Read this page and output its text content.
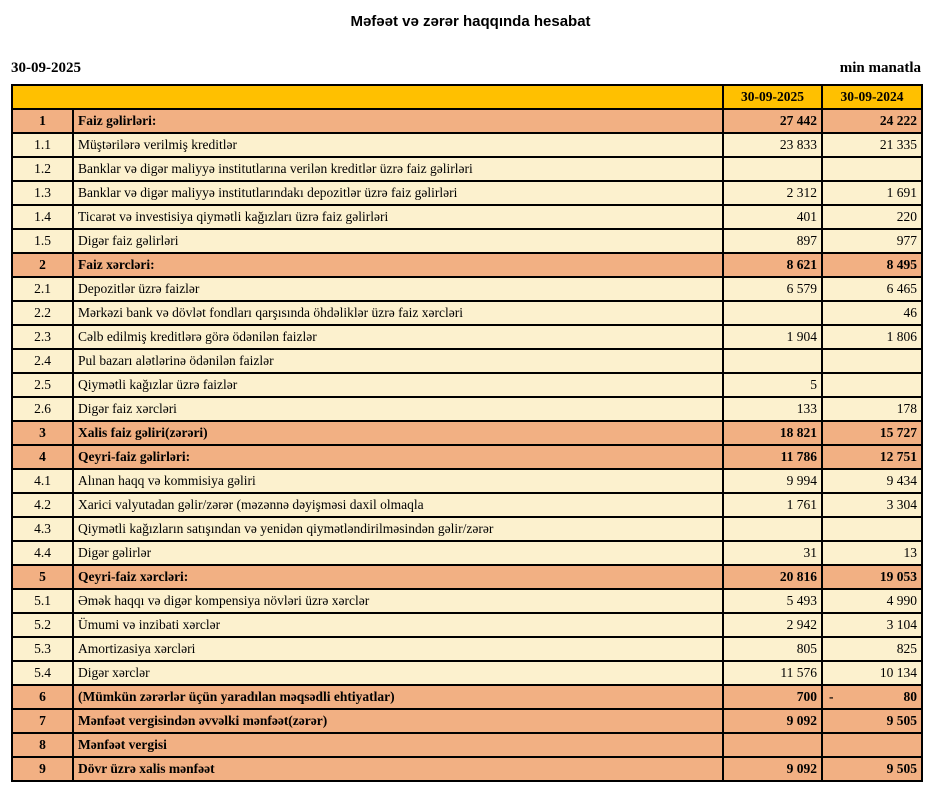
Məfəət və zərər haqqında hesabat
30-09-2025	min manatla
		30-09-2025	30-09-2024
1	Faiz gəlirləri:	27 442	24 222
1.1	Müştərilərə verilmiş kreditlər	23 833	21 335
1.2	Banklar və digər maliyyə institutlarına verilən kreditlər üzrə faiz gəlirləri		
1.3	Banklar və digər maliyyə institutlarındakı depozitlər üzrə faiz gəlirləri	2 312	1 691
1.4	Ticarət və investisiya qiymətli kağızları üzrə faiz gəlirləri	401	220
1.5	Digər faiz gəlirləri	897	977
2	Faiz xərcləri:	8 621	8 495
2.1	Depozitlər üzrə faizlər	6 579	6 465
2.2	Mərkəzi bank və dövlət fondları qarşısında öhdəliklər üzrə faiz xərcləri		46
2.3	Cəlb edilmiş kreditlərə görə ödənilən faizlər	1 904	1 806
2.4	Pul bazarı alətlərinə ödənilən faizlər		
2.5	Qiymətli kağızlar üzrə faizlər	5	
2.6	Digər faiz xərcləri	133	178
3	Xalis faiz gəliri(zərəri)	18 821	15 727
4	Qeyri-faiz gəlirləri:	11 786	12 751
4.1	Alınan haqq və kommisiya gəliri	9 994	9 434
4.2	Xarici valyutadan gəlir/zərər (məzənnə dəyişməsi daxil olmaqla	1 761	3 304
4.3	Qiymətli kağızların satışından və yenidən qiymətləndirilməsindən gəlir/zərər		
4.4	Digər gəlirlər	31	13
5	Qeyri-faiz xərcləri:	20 816	19 053
5.1	Əmək haqqı və digər kompensiya növləri üzrə xərclər	5 493	4 990
5.2	Ümumi və inzibati xərclər	2 942	3 104
5.3	Amortizasiya xərcləri	805	825
5.4	Digər xərclər	11 576	10 134
6	(Mümkün zərərlər üçün yaradılan məqsədli ehtiyatlar)	700	- 80

7	Mənfəət vergisindən əvvəlki mənfəət(zərər)	9 092	9 505
8	Mənfəət vergisi		
9	Dövr üzrə xalis mənfəət	9 092	9 505
